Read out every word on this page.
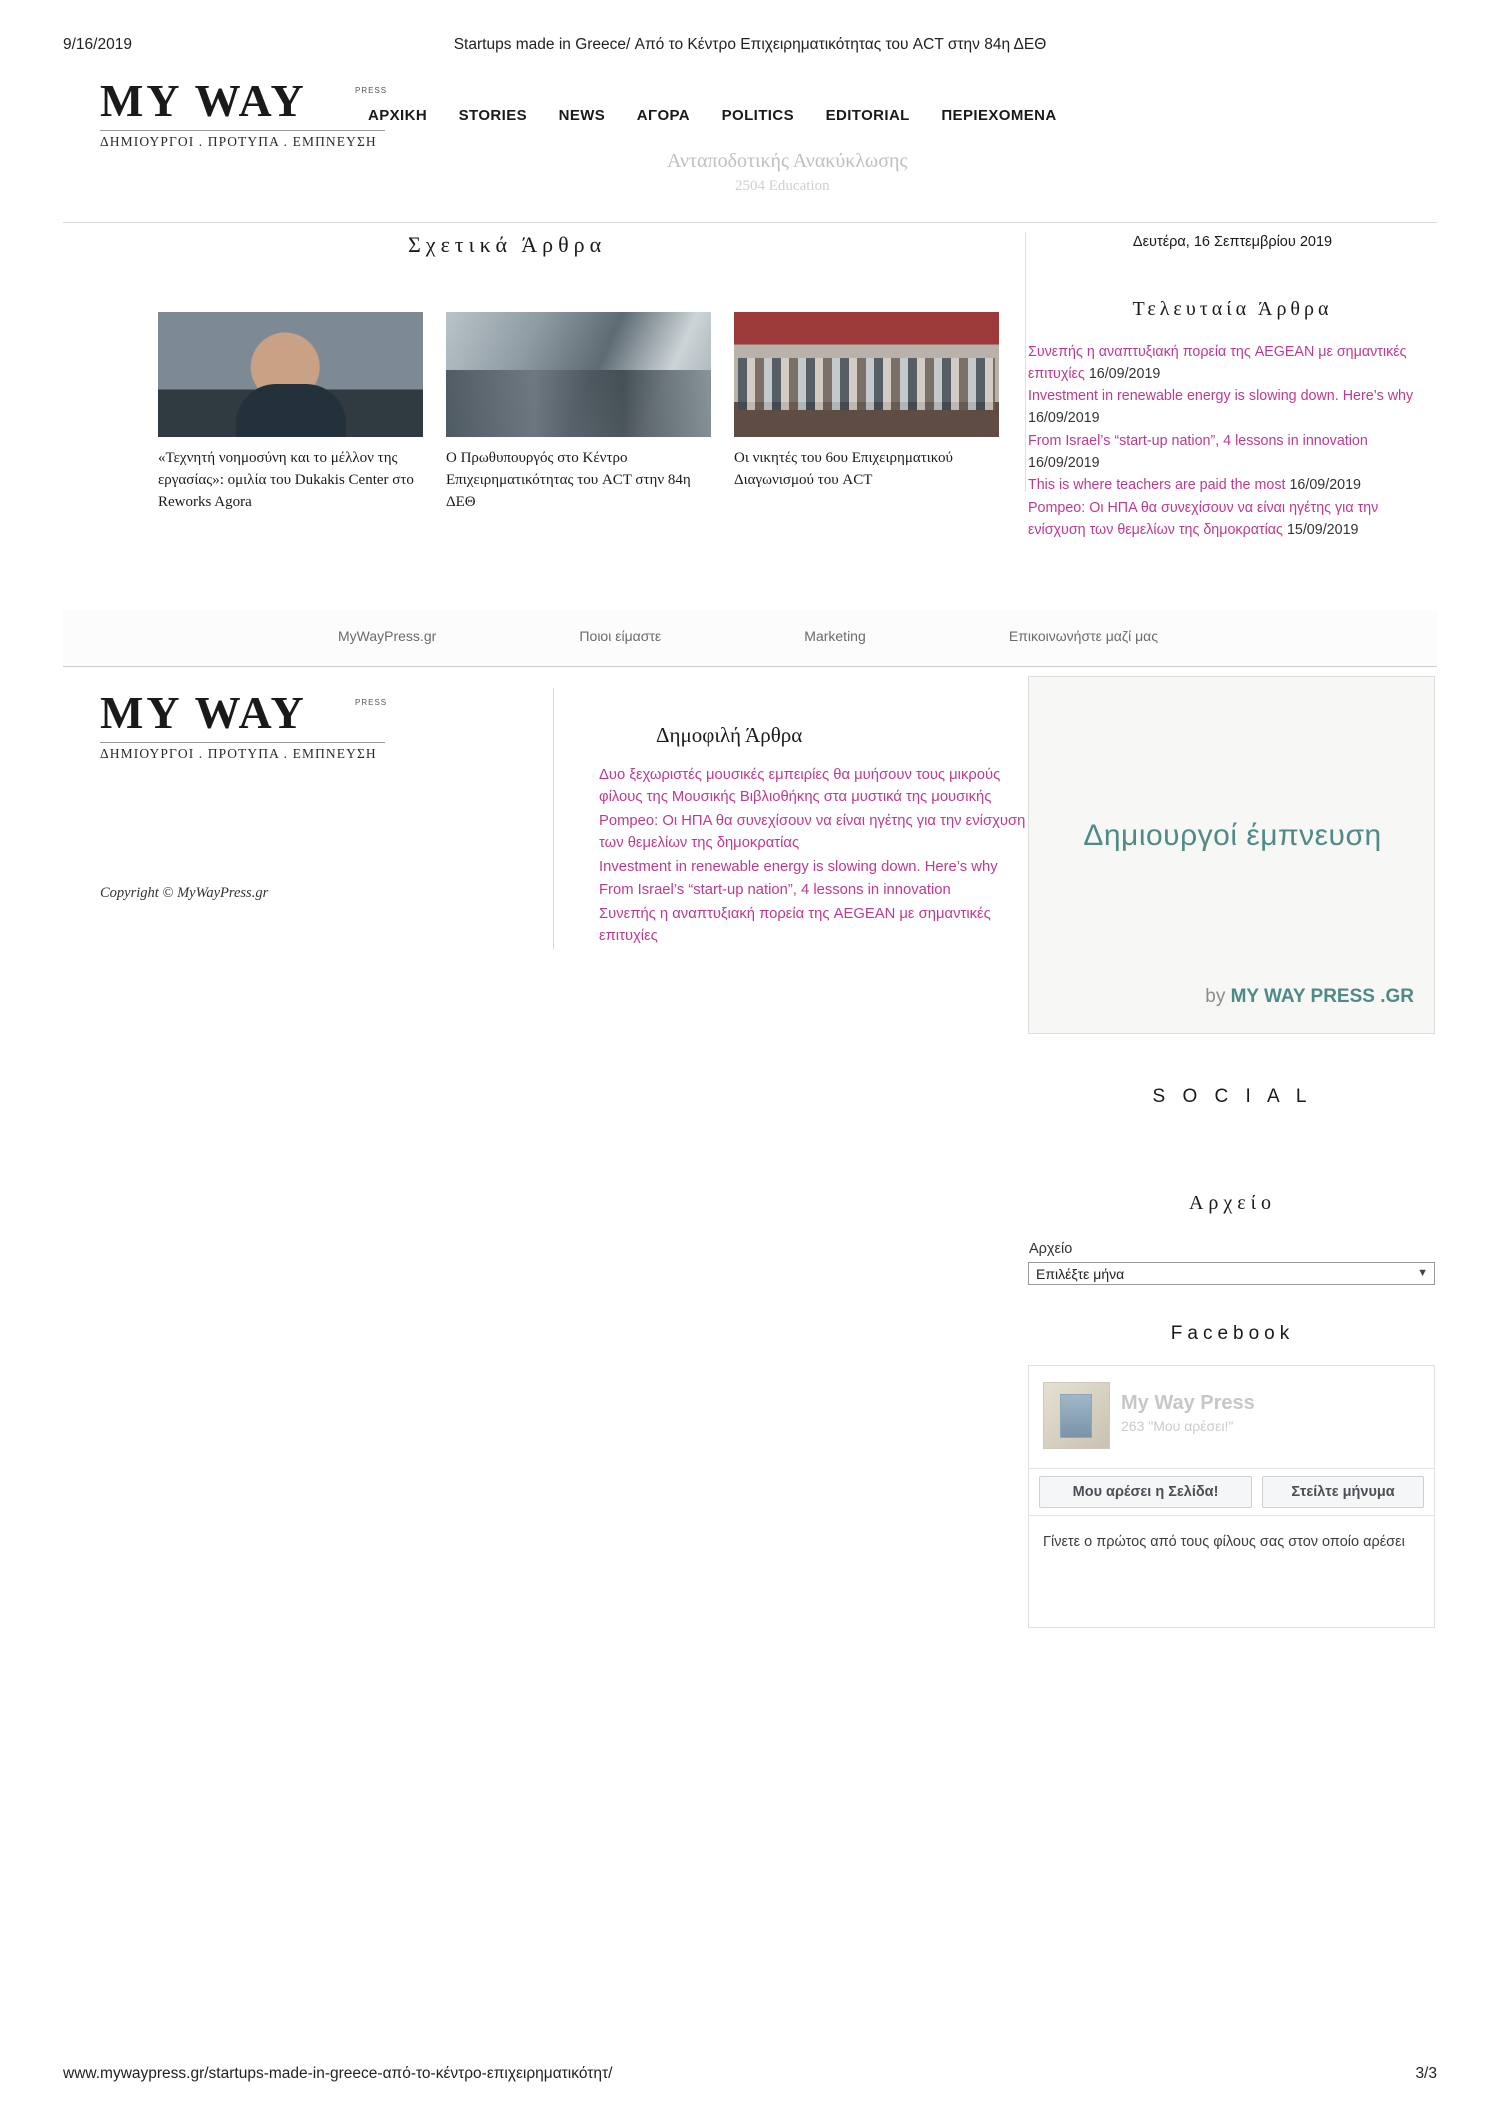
9/16/2019	Startups made in Greece/ Από το Κέντρο Επιχειρηματικότητας του ACT στην 84η ΔΕΘ
MY WAY	PRESS
ΔΗΜΙΟΥΡΓΟΙ . ΠΡΟΤΥΠΑ . ΕΜΠΝΕΥΣΗ
ΑΡΧΙΚΗ STORIES NEWS ΑΓΟΡΑ POLITICS EDITORIAL ΠΕΡΙΕΧΟΜΕΝΑ
Ανταποδοτικής Ανακύκλωσης
2504 Education
Σχετικά Άρθρα
«Τεχνητή νοημοσύνη και το μέλλον της εργασίας»: ομιλία του Dukakis Center στο Reworks Agora
Ο Πρωθυπουργός στο Κέντρο Επιχειρηματικότητας του ACT στην 84η ΔΕΘ
Οι νικητές του 6ου Επιχειρηματικού Διαγωνισμού του ACT
Δευτέρα, 16 Σεπτεμβρίου 2019
Τελευταία Άρθρα
Συνεπής η αναπτυξιακή πορεία της AEGEAN με σημαντικές επιτυχίες 16/09/2019
Investment in renewable energy is slowing down. Here’s why 16/09/2019
From Israel’s “start-up nation”, 4 lessons in innovation 16/09/2019
This is where teachers are paid the most 16/09/2019
Pompeo: Οι ΗΠΑ θα συνεχίσουν να είναι ηγέτης για την ενίσχυση των θεμελίων της δημοκρατίας 15/09/2019
MyWayPress.gr	Ποιοι είμαστε	Marketing	Επικοινωνήστε μαζί μας
MY WAY	PRESS
ΔΗΜΙΟΥΡΓΟΙ . ΠΡΟΤΥΠΑ . ΕΜΠΝΕΥΣΗ
Copyright © MyWayPress.gr
Δημοφιλή Άρθρα
Δυο ξεχωριστές μουσικές εμπειρίες θα μυήσουν τους μικρούς φίλους της Μουσικής Βιβλιοθήκης στα μυστικά της μουσικής
Pompeo: Οι ΗΠΑ θα συνεχίσουν να είναι ηγέτης για την ενίσχυση των θεμελίων της δημοκρατίας
Investment in renewable energy is slowing down. Here’s why
From Israel’s “start-up nation”, 4 lessons in innovation
Συνεπής η αναπτυξιακή πορεία της AEGEAN με σημαντικές επιτυχίες
Δημιουργοί έμπνευση
by MY WAY PRESS .GR
S O C I A L
Αρχείο
Αρχείο
Επιλέξτε μήνα	▼
Facebook
My Way Press
263 "Μου αρέσει!"
Μου αρέσει η Σελίδα!	Στείλτε μήνυμα
Γίνετε ο πρώτος από τους φίλους σας στον οποίο αρέσει
www.mywaypress.gr/startups-made-in-greece-από-το-κέντρο-επιχειρηματικότητ/	3/3
